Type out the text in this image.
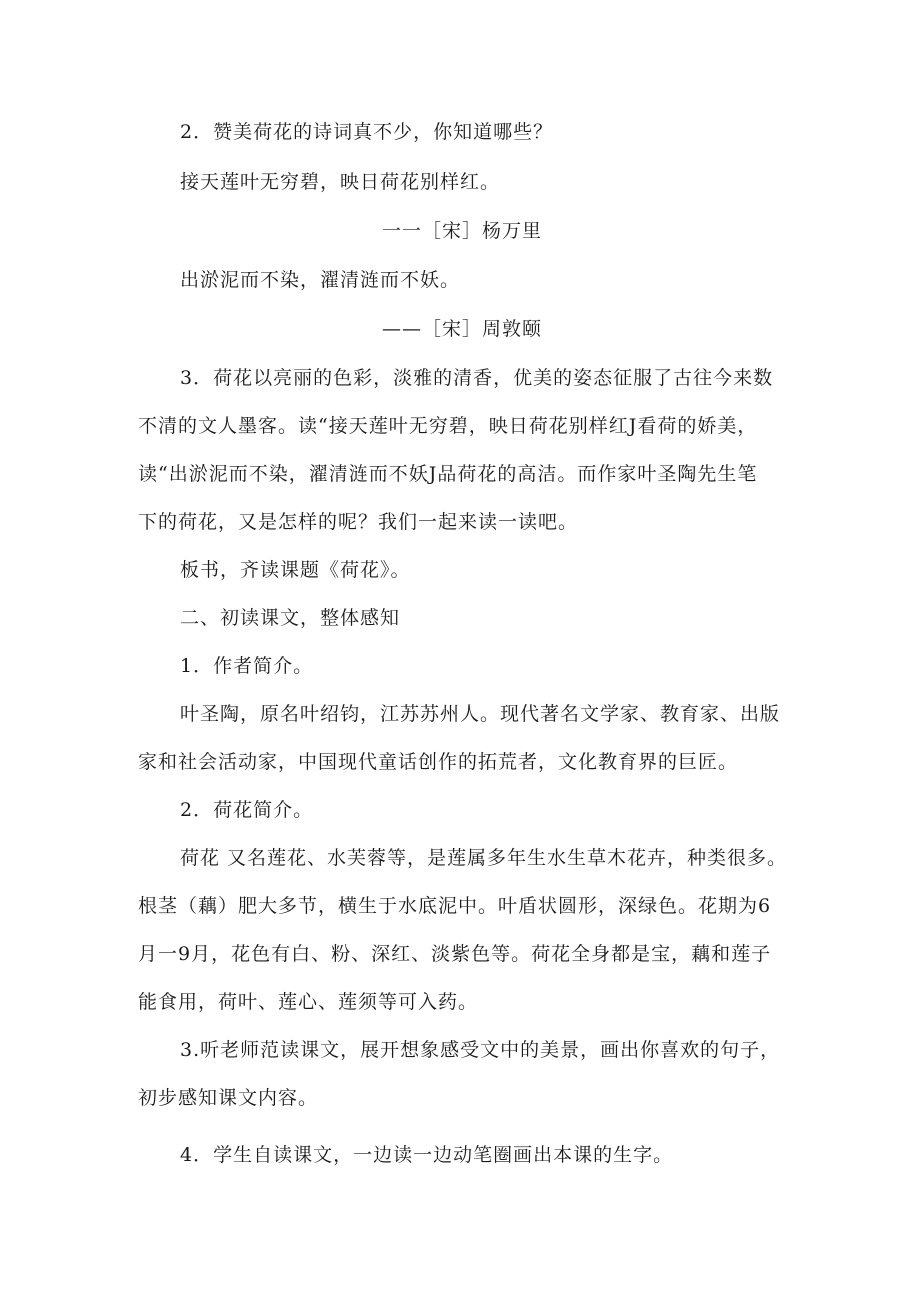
2．赞美荷花的诗词真不少，你知道哪些？
接天莲叶无穷碧，映日荷花别样红。
一一［宋］杨万里
出淤泥而不染，濯清涟而不妖。
——［宋］周敦颐
3．荷花以亮丽的色彩，淡雅的清香，优美的姿态征服了古往今来数
不清的文人墨客。读“接天莲叶无穷碧，映日荷花别样红J看荷的娇美，
读“出淤泥而不染，濯清涟而不妖J品荷花的高洁。而作家叶圣陶先生笔
下的荷花，又是怎样的呢？我们一起来读一读吧。
板书，齐读课题《荷花》。
二、初读课文，整体感知
1．作者简介。
叶圣陶，原名叶绍钧，江苏苏州人。现代著名文学家、教育家、出版
家和社会活动家，中国现代童话创作的拓荒者，文化教育界的巨匠。
2．荷花简介。
荷花 又名莲花、水芙蓉等，是莲属多年生水生草木花卉，种类很多。
根茎（藕）肥大多节，横生于水底泥中。叶盾状圆形，深绿色。花期为6
月一9月，花色有白、粉、深红、淡紫色等。荷花全身都是宝，藕和莲子
能食用，荷叶、莲心、莲须等可入药。
3.听老师范读课文，展开想象感受文中的美景，画出你喜欢的句子，
初步感知课文内容。
4．学生自读课文，一边读一边动笔圈画出本课的生字。
